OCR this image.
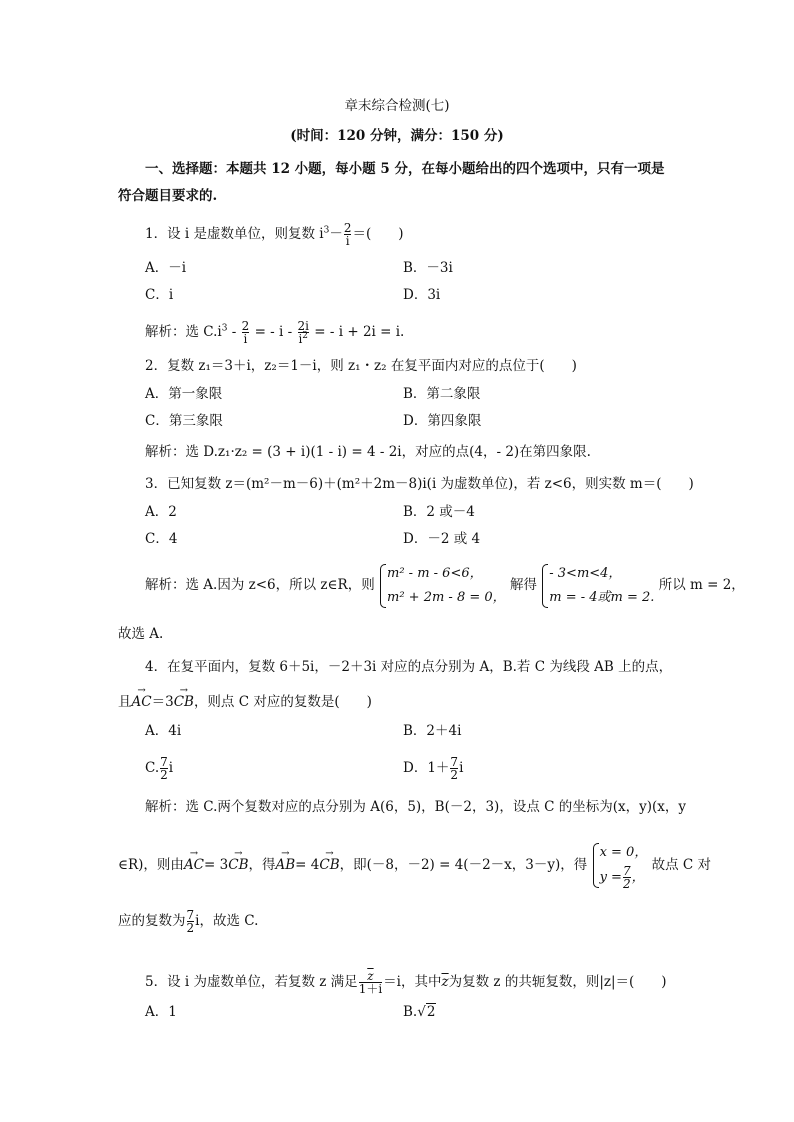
章末综合检测(七)
(时间：120 分钟，满分：150 分)
一、选择题：本题共 12 小题，每小题 5 分，在每小题给出的四个选项中，只有一项是
符合题目要求的.
1．设 i 是虚数单位，则复数 $i^3- \frac{2}{i}$ ＝(　　)
A．－i	B．－3i
C．i	D．3i
解析：选 $C.i^3 - \frac{2}{i}$ = - i - $\frac{2i}{i^2}$ = - i + 2i = i.
2．复数 z₁＝3＋i，z₂＝1－i，则 z₁・z₂ 在复平面内对应的点位于(　　)
A．第一象限	B．第二象限
C．第三象限	D．第四象限
解析：选 D.z₁·z₂ = (3 + i)(1 - i) = 4 - 2i，对应的点(4，- 2)在第四象限.
3．已知复数 z＝(m²－m－6)＋(m²＋2m－8)i(i 为虚数单位)，若 z<6，则实数 m＝(　　)
A．2	B．2 或－4
C．4	D．－2 或 4
解析：选 A.因为 z<6，所以 z∈R，则
m² - m - 6<6，
m² + 2m - 8 = 0，
解得
- 3<m<4，
m = - 4或m = 2.
所以 m = 2，
故选 A.
4．在复平面内，复数 6＋5i，－2＋3i 对应的点分别为 A，B.若 C 为线段 AB 上的点，
且→ AC＝3→ CB，则点 C 对应的复数是(　　)
A．4i	B．2＋4i
C. $\frac{7}{2}$ i	D．$1+ \frac{7}{2}$ i
解析：选 C.两个复数对应的点分别为 A(6，5)，B(－2，3)，设点 C 的坐标为(x，y)(x，y
∈R)，则由→ AC= 3→ CB，得→ AB= 4→ CB，即(－8，－2) = 4(－2－x，3－y)，得
x = 0，
$y = \frac{7}{2}$ ，
故点 C 对
应的复数为 $\frac{7}{2}$ i，故选 C.
5．设 i 为虚数单位，若复数 z 满足 $\frac{\overline{z}}{1+i} =i$，其中$\overline{z}$为复数 z 的共轭复数，则|z|＝(　　)
A．1	B.√2
